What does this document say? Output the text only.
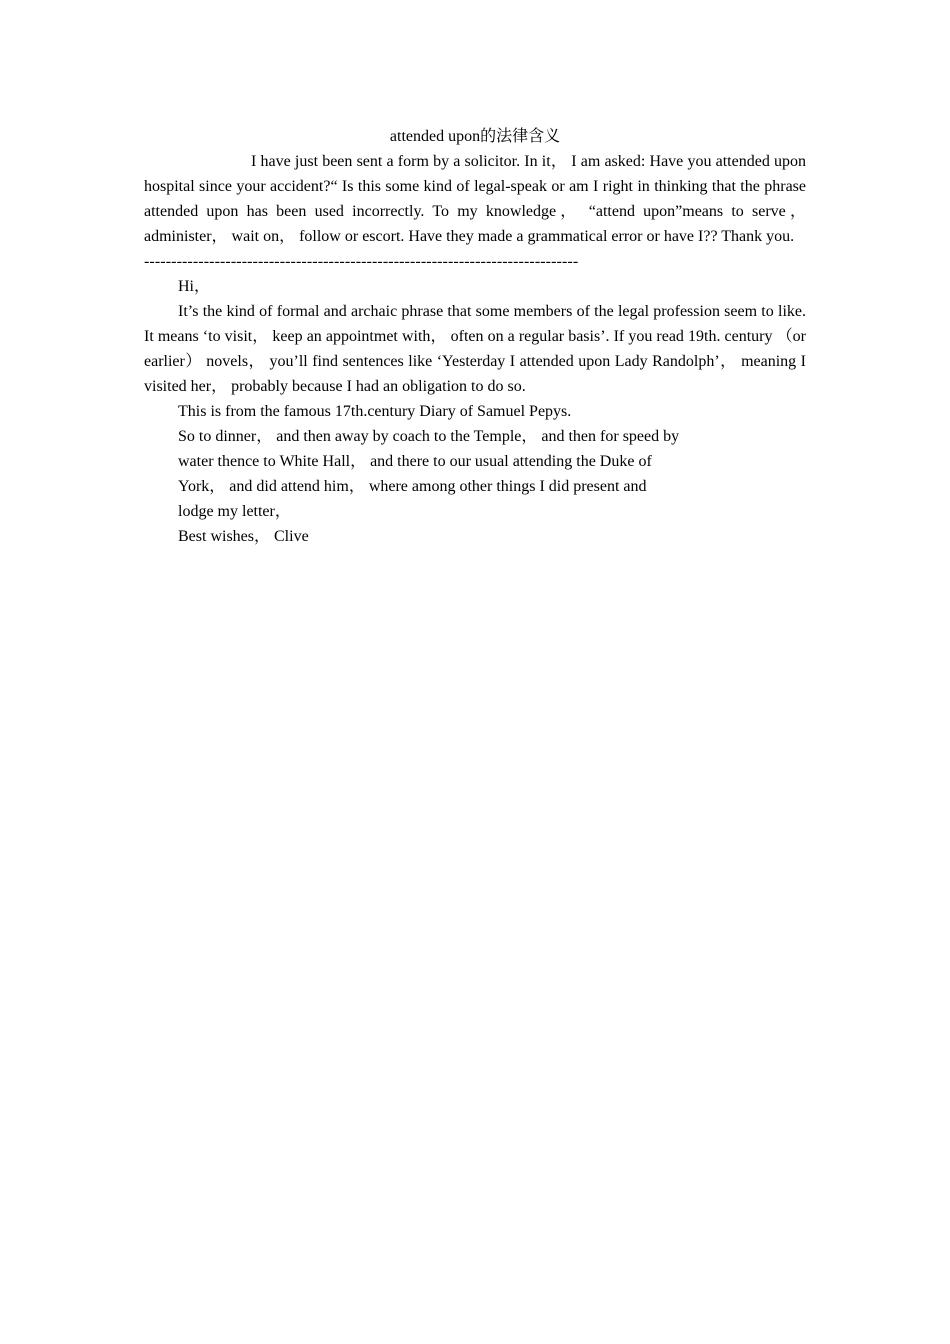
attended upon的法律含义

I have just been sent a form by a solicitor. In it， I am asked: Have you attended upon hospital since your accident?“ Is this some kind of legal-speak or am I right in thinking that the phrase attended upon has been used incorrectly. To my knowledge， “attend upon”means to serve， administer， wait on， follow or escort. Have they made a grammatical error or have I?? Thank you.

--------------------------------------------------------------------------------

Hi，

It’s the kind of formal and archaic phrase that some members of the legal profession seem to like. It means ‘to visit， keep an appointmet with， often on a regular basis’. If you read 19th. century （or earlier） novels， you’ll find sentences like ‘Yesterday I attended upon Lady Randolph’， meaning I visited her， probably because I had an obligation to do so.

This is from the famous 17th.century Diary of Samuel Pepys.

So to dinner， and then away by coach to the Temple， and then for speed by

water thence to White Hall， and there to our usual attending the Duke of

York， and did attend him， where among other things I did present and

lodge my letter，

Best wishes， Clive
